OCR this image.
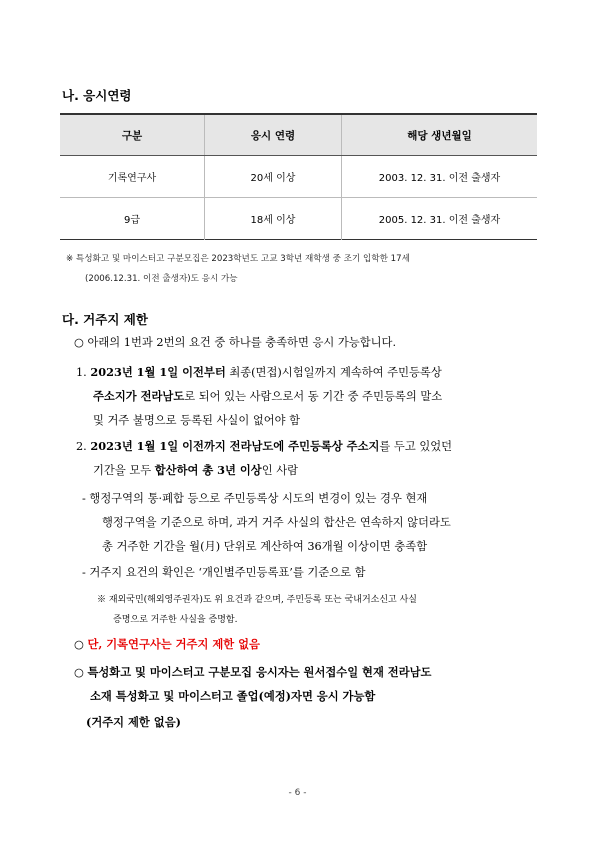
나. 응시연령
구분	응시 연령	해당 생년월일
기록연구사	20세 이상	2003. 12. 31. 이전 출생자
9급	18세 이상	2005. 12. 31. 이전 출생자
※ 특성화고 및 마이스터고 구분모집은 2023학년도 고교 3학년 재학생 중 조기 입학한 17세
(2006.12.31. 이전 출생자)도 응시 가능
다. 거주지 제한
○ 아래의 1번과 2번의 요건 중 하나를 충족하면 응시 가능합니다.
1. 2023년 1월 1일 이전부터 최종(면접)시험일까지 계속하여 주민등록상
주소지가 전라남도로 되어 있는 사람으로서 동 기간 중 주민등록의 말소
및 거주 불명으로 등록된 사실이 없어야 함
2. 2023년 1월 1일 이전까지 전라남도에 주민등록상 주소지를 두고 있었던
기간을 모두 합산하여 총 3년 이상인 사람
- 행정구역의 통·폐합 등으로 주민등록상 시도의 변경이 있는 경우 현재
행정구역을 기준으로 하며, 과거 거주 사실의 합산은 연속하지 않더라도
총 거주한 기간을 월(月) 단위로 계산하여 36개월 이상이면 충족함
- 거주지 요건의 확인은 ‘개인별주민등록표’를 기준으로 함
※ 재외국민(해외영주권자)도 위 요건과 같으며, 주민등록 또는 국내거소신고 사실
증명으로 거주한 사실을 증명함.
○ 단, 기록연구사는 거주지 제한 없음
○ 특성화고 및 마이스터고 구분모집 응시자는 원서접수일 현재 전라남도
소재 특성화고 및 마이스터고 졸업(예정)자면 응시 가능함
(거주지 제한 없음)
- 6 -
